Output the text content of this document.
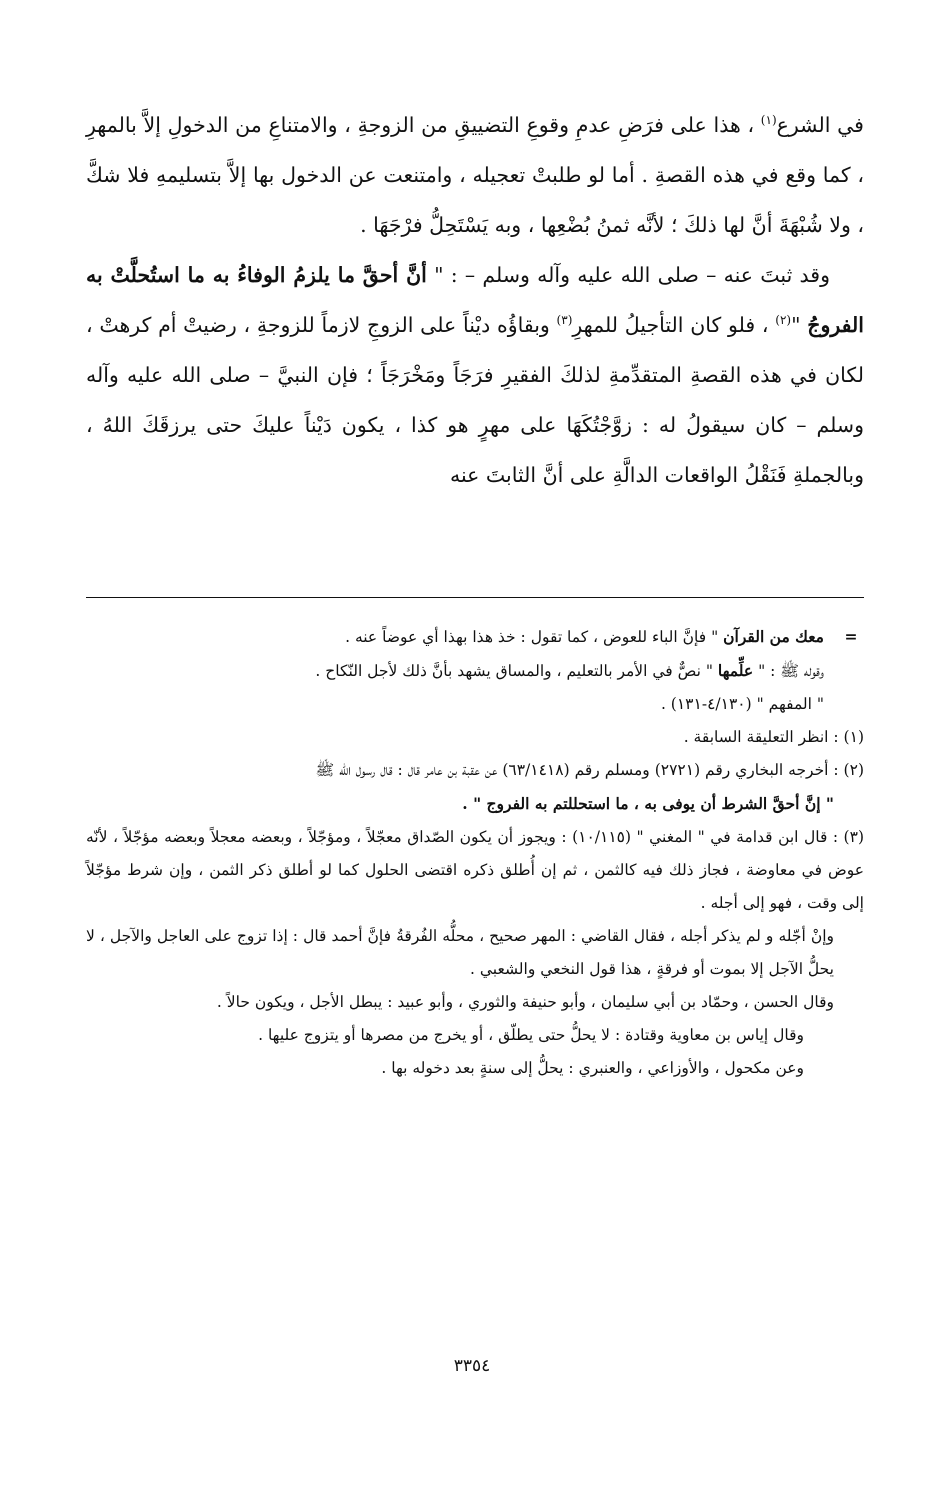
في الشرع$^{(١)}$ ، هذا على فرَضِ عدمِ وقوعِ التضييقِ من الزوجةِ ، والامتناعِ من الدخولِ إلاَّ بالمهرِ ، كما وقع في هذه القصةِ . أما لو طلبتْ تعجيله ، وامتنعت عن الدخول بها إلاَّ بتسليمهِ فلا شكَّ ، ولا شُبْهَةَ أنَّ لها ذلكَ ؛ لأنَّه ثمنُ بُضْعِها ، وبه يَسْتَحِلُّ فرْجَهَا .

وقد ثبتَ عنه – صلى الله عليه وآله وسلم – : " أنَّ أحقَّ ما يلزمُ الوفاءُ به ما استُحلَّتْ به الفروجُ "$^{(٢)}$ ، فلو كان التأجيلُ للمهرِ$^{(٣)}$ وبقاؤُه ديْناً على الزوجِ لازماً للزوجةِ ، رضيتْ أم كرهتْ ، لكان في هذه القصةِ المتقدِّمةِ لذلكَ الفقيرِ فرَجَاً ومَخْرَجَاً ؛ فإن النبيَّ – صلى الله عليه وآله وسلم – كان سيقولُ له : زوَّجْتُكَهَا على مهرٍ هو كذا ، يكون دَيْناً عليكَ حتى يرزقَكَ اللهُ ، وبالجملةِ فَنَقْلُ الواقعات الدالَّةِ على أنَّ الثابتَ عنه

=معك من القرآن " فإنَّ الباء للعوض ، كما تقول : خذ هذا بهذا أي عوضاً عنه .

وقوله ﷺ : " علِّمها " نصٌّ في الأمر بالتعليم ، والمساق يشهد بأنَّ ذلك لأجل النّكاح .

" المفهم " (٤/١٣٠-١٣١) .

(١) : انظر التعليقة السابقة .

(٢) : أخرجه البخاري رقم (٢٧٢١) ومسلم رقم (٦٣/١٤١٨) عن عقبة بن عامر قال : قال رسول الله ﷺ

" إنَّ أحقَّ الشرط أن يوفى به ، ما استحللتم به الفروج " .

(٣) : قال ابن قدامة في " المغني " (١٠/١١٥) : ويجوز أن يكون الصّداق معجّلاً ، ومؤجّلاً ، وبعضه معجلاً وبعضه مؤجّلاً ، لأنّه عوض في معاوضة ، فجاز ذلك فيه كالثمن ، ثم إن أُطلق ذكره اقتضى الحلول كما لو أطلق ذكر الثمن ، وإن شرط مؤجّلاً إلى وقت ، فهو إلى أجله .

وإنْ أجّله و لم يذكر أجله ، فقال القاضي : المهر صحيح ، محلُّه الفُرقةُ فإنَّ أحمد قال : إذا تزوج على العاجل والآجل ، لا يحلُّ الآجل إلا بموت أو فرقةٍ ، هذا قول النخعي والشعبي .

وقال الحسن ، وحمّاد بن أبي سليمان ، وأبو حنيفة والثوري ، وأبو عبيد : يبطل الأجل ، ويكون حالاً .

وقال إياس بن معاوية وقتادة : لا يحلُّ حتى يطلّق ، أو يخرج من مصرها أو يتزوج عليها .

وعن مكحول ، والأوزاعي ، والعنبري : يحلُّ إلى سنةٍ بعد دخوله بها .

٣٣٥٤
